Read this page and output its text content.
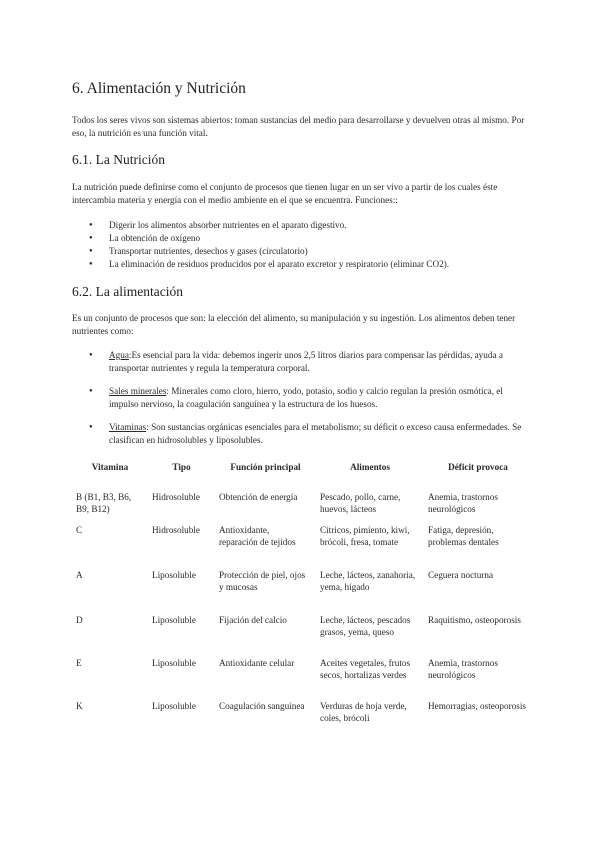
6. Alimentación y Nutrición

Todos los seres vivos son sistemas abiertos: toman sustancias del medio para desarrollarse y devuelven otras al mismo. Por eso, la nutrición es una función vital.

6.1. La Nutrición

La nutrición puede definirse como el conjunto de procesos que tienen lugar en un ser vivo a partir de los cuales éste intercambia materia y energía con el medio ambiente en el que se encuentra. Funciones::

● Digerir los alimentos absorber nutrientes en el aparato digestivo.
● La obtención de oxígeno
● Transportar nutrientes, desechos y gases (circulatorio)
● La eliminación de residuos producidos por el aparato excretor y respiratorio (eliminar CO2).
6.2. La alimentación

Es un conjunto de procesos que son: la elección del alimento, su manipulación y su ingestión. Los alimentos deben tener nutrientes como:

● Agua:Es esencial para la vida: debemos ingerir unos 2,5 litros diarios para compensar las pérdidas, ayuda a transportar nutrientes y regula la temperatura corporal.
● Sales minerales: Minerales como cloro, hierro, yodo, potasio, sodio y calcio regulan la presión osmótica, el impulso nervioso, la coagulación sanguínea y la estructura de los huesos.
● Vitaminas: Son sustancias orgánicas esenciales para el metabolismo; su déficit o exceso causa enfermedades. Se clasifican en hidrosolubles y liposolubles.
Vitamina	Tipo	Función principal	Alimentos	Déficit provoca
B (B1, B3, B6, B9, B12)	Hidrosoluble	Obtención de energía	Pescado, pollo, carne, huevos, lácteos	Anemia, trastornos neurológicos
C	Hidrosoluble	Antioxidante, reparación de tejidos	Cítricos, pimiento, kiwi, brócoli, fresa, tomate	Fatiga, depresión, problemas dentales
A	Liposoluble	Protección de piel, ojos y mucosas	Leche, lácteos, zanahoria, yema, hígado	Ceguera nocturna
D	Liposoluble	Fijación del calcio	Leche, lácteos, pescados grasos, yema, queso	Raquitismo, osteoporosis
E	Liposoluble	Antioxidante celular	Aceites vegetales, frutos secos, hortalizas verdes	Anemia, trastornos neurológicos
K	Liposoluble	Coagulación sanguínea	Verduras de hoja verde, coles, brócoli	Hemorragias, osteoporosis
